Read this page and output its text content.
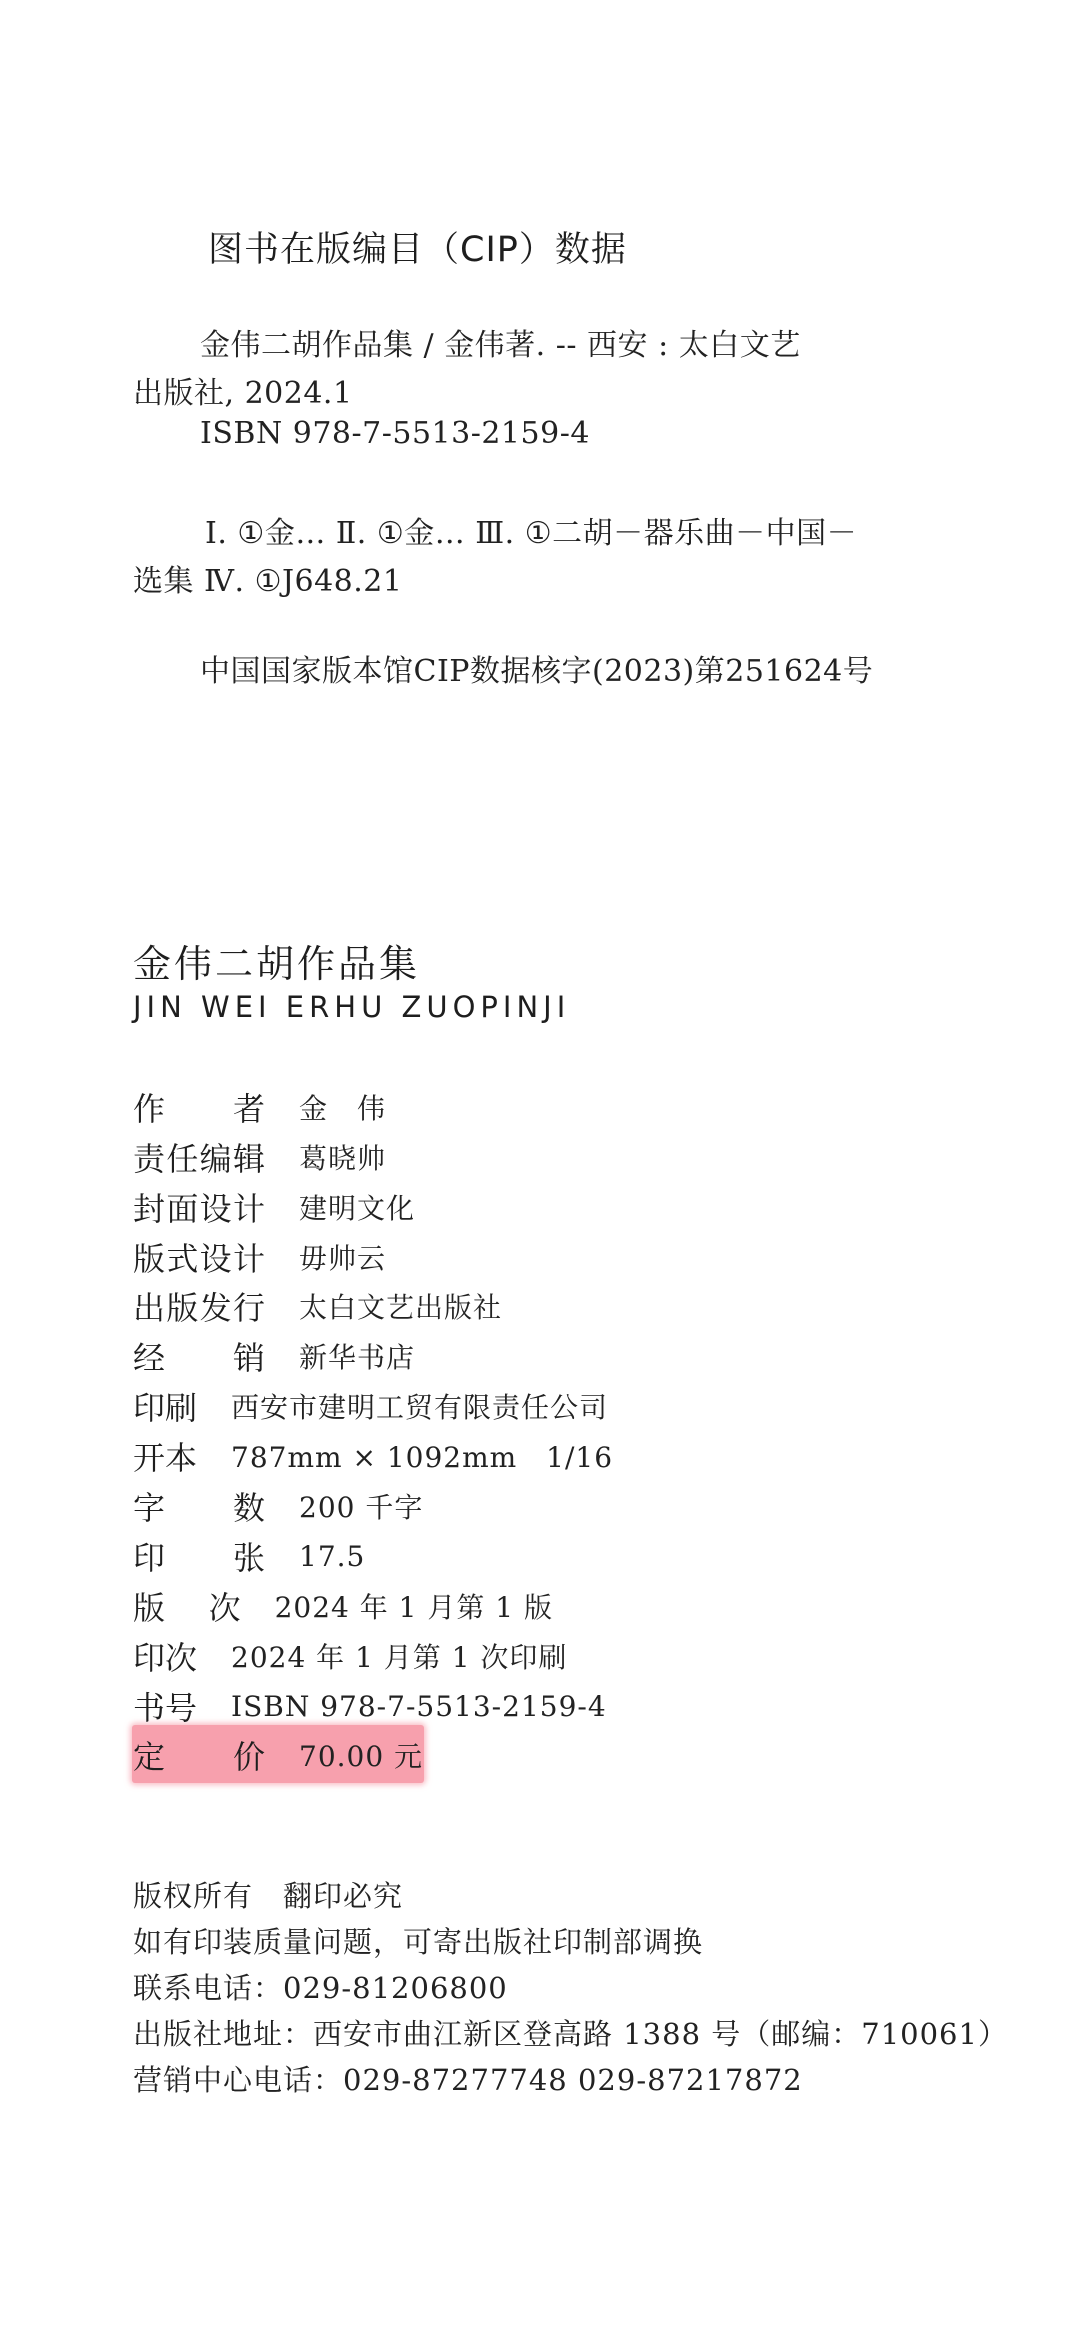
图书在版编目（CIP）数据
金伟二胡作品集 / 金伟著. -- 西安 : 太白文艺
出版社, 2024.1
ISBN 978-7-5513-2159-4
Ⅰ. ①金… Ⅱ. ①金… Ⅲ. ①二胡－器乐曲－中国－
选集 Ⅳ. ①J648.21
中国国家版本馆CIP数据核字(2023)第251624号
金伟二胡作品集
JIN WEI ERHU ZUOPINJI
作者 金　伟
责任编辑 葛晓帅
封面设计 建明文化
版式设计 毋帅云
出版发行 太白文艺出版社
经销 新华书店
印刷 西安市建明工贸有限责任公司
开本 787mm × 1092mm　1/16
字数 200 千字
印张 17.5
版次 2024 年 1 月第 1 版
印次 2024 年 1 月第 1 次印刷
书号 ISBN 978-7-5513-2159-4
定价 70.00 元
版权所有　翻印必究
如有印装质量问题，可寄出版社印制部调换
联系电话：029-81206800
出版社地址：西安市曲江新区登高路 1388 号（邮编：710061）
营销中心电话：029-87277748 029-87217872
